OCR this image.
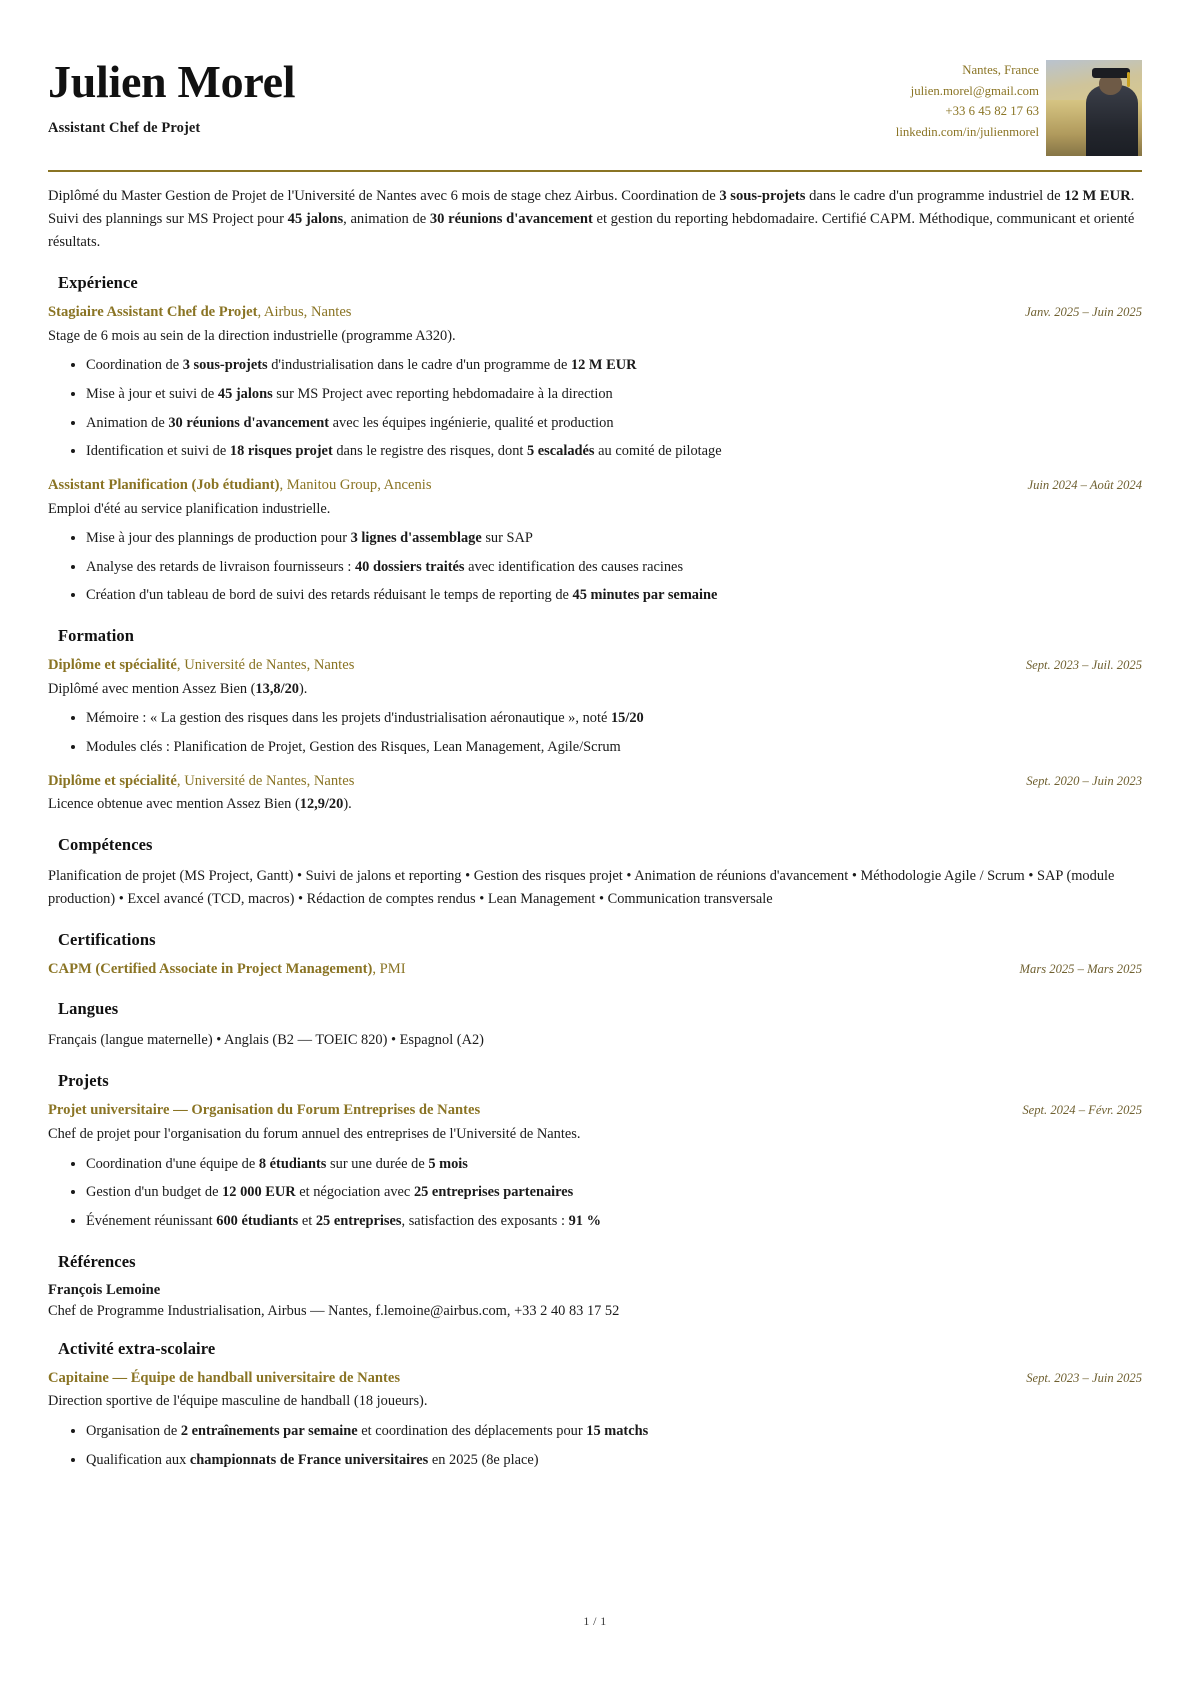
Julien Morel
Assistant Chef de Projet
Nantes, France
julien.morel@gmail.com
+33 6 45 82 17 63
linkedin.com/in/julienmorel
Diplômé du Master Gestion de Projet de l'Université de Nantes avec 6 mois de stage chez Airbus. Coordination de 3 sous-projets dans le cadre d'un programme industriel de 12 M EUR. Suivi des plannings sur MS Project pour 45 jalons, animation de 30 réunions d'avancement et gestion du reporting hebdomadaire. Certifié CAPM. Méthodique, communicant et orienté résultats.
Expérience
Stagiaire Assistant Chef de Projet, Airbus, Nantes	Janv. 2025 – Juin 2025
Stage de 6 mois au sein de la direction industrielle (programme A320).
Coordination de 3 sous-projets d'industrialisation dans le cadre d'un programme de 12 M EUR
Mise à jour et suivi de 45 jalons sur MS Project avec reporting hebdomadaire à la direction
Animation de 30 réunions d'avancement avec les équipes ingénierie, qualité et production
Identification et suivi de 18 risques projet dans le registre des risques, dont 5 escaladés au comité de pilotage
Assistant Planification (Job étudiant), Manitou Group, Ancenis	Juin 2024 – Août 2024
Emploi d'été au service planification industrielle.
Mise à jour des plannings de production pour 3 lignes d'assemblage sur SAP
Analyse des retards de livraison fournisseurs : 40 dossiers traités avec identification des causes racines
Création d'un tableau de bord de suivi des retards réduisant le temps de reporting de 45 minutes par semaine
Formation
Diplôme et spécialité, Université de Nantes, Nantes	Sept. 2023 – Juil. 2025
Diplômé avec mention Assez Bien (13,8/20).
Mémoire : « La gestion des risques dans les projets d'industrialisation aéronautique », noté 15/20
Modules clés : Planification de Projet, Gestion des Risques, Lean Management, Agile/Scrum
Diplôme et spécialité, Université de Nantes, Nantes	Sept. 2020 – Juin 2023
Licence obtenue avec mention Assez Bien (12,9/20).
Compétences
Planification de projet (MS Project, Gantt) • Suivi de jalons et reporting • Gestion des risques projet • Animation de réunions d'avancement • Méthodologie Agile / Scrum • SAP (module production) • Excel avancé (TCD, macros) • Rédaction de comptes rendus • Lean Management • Communication transversale
Certifications
CAPM (Certified Associate in Project Management), PMI	Mars 2025 – Mars 2025
Langues
Français (langue maternelle) • Anglais (B2 — TOEIC 820) • Espagnol (A2)
Projets
Projet universitaire — Organisation du Forum Entreprises de Nantes	Sept. 2024 – Févr. 2025
Chef de projet pour l'organisation du forum annuel des entreprises de l'Université de Nantes.
Coordination d'une équipe de 8 étudiants sur une durée de 5 mois
Gestion d'un budget de 12 000 EUR et négociation avec 25 entreprises partenaires
Événement réunissant 600 étudiants et 25 entreprises, satisfaction des exposants : 91 %
Références
François Lemoine
Chef de Programme Industrialisation, Airbus — Nantes, f.lemoine@airbus.com, +33 2 40 83 17 52
Activité extra-scolaire
Capitaine — Équipe de handball universitaire de Nantes	Sept. 2023 – Juin 2025
Direction sportive de l'équipe masculine de handball (18 joueurs).
Organisation de 2 entraînements par semaine et coordination des déplacements pour 15 matchs
Qualification aux championnats de France universitaires en 2025 (8e place)
1 / 1
